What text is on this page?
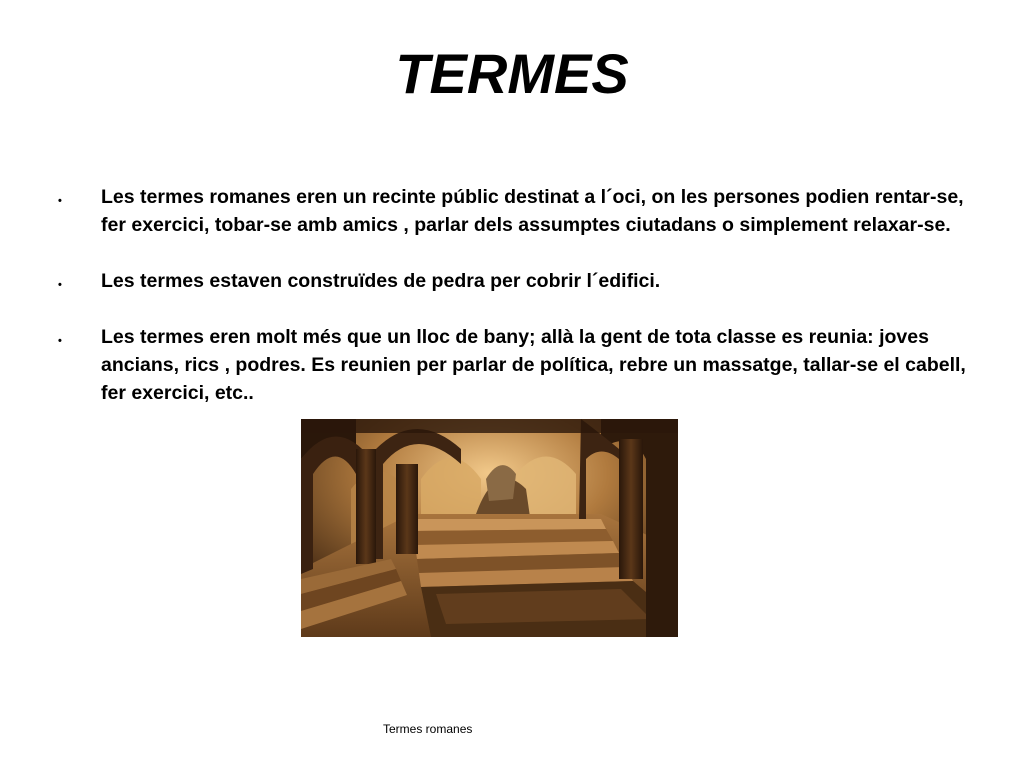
TERMES
• Les termes romanes eren un recinte públic destinat a l´oci, on les persones podien rentar-se, fer exercici, tobar-se amb amics , parlar dels assumptes ciutadans o simplement relaxar-se.
• Les termes estaven construïdes de pedra per cobrir l´edifici.
• Les termes eren molt més que un lloc de bany; allà la gent de tota classe es reunia: joves ancians, rics , podres. Es reunien per parlar de política, rebre un massatge, tallar-se el cabell, fer exercici, etc..

Termes romanes
